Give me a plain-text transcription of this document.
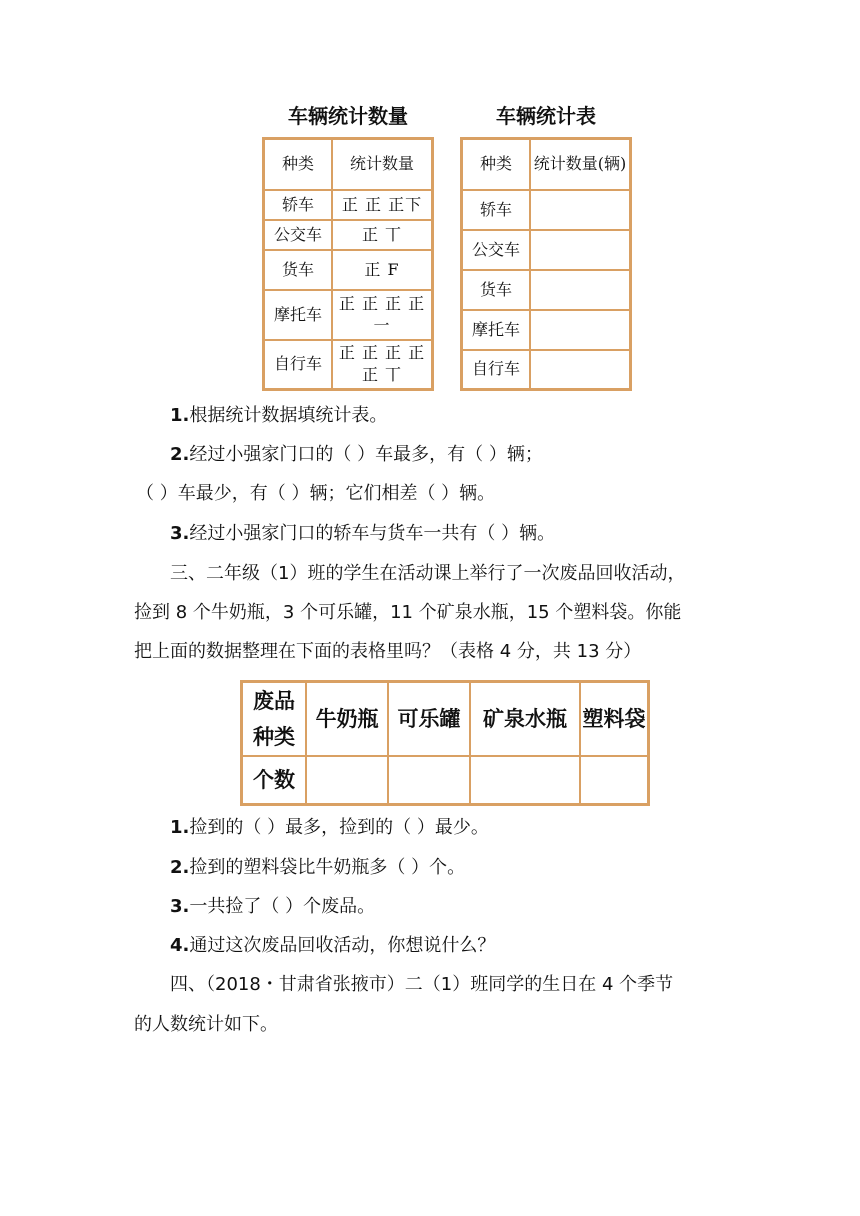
车辆统计数量
种类	统计数量
轿车	正 正 正下
公交车	正 丅
货车	正 F
摩托车	正 正 正 正 一
自行车	正 正 正 正 正 丅
车辆统计表
种类	统计数量(辆)
轿车	
公交车	
货车	
摩托车	
自行车	
1.根据统计数据填统计表。
2.经过小强家门口的（ ）车最多，有（ ）辆；
（ ）车最少，有（ ）辆；它们相差（ ）辆。
3.经过小强家门口的轿车与货车一共有（ ）辆。
三、二年级（1）班的学生在活动课上举行了一次废品回收活动，
捡到 8 个牛奶瓶，3 个可乐罐，11 个矿泉水瓶，15 个塑料袋。你能
把上面的数据整理在下面的表格里吗？（表格 4 分，共 13 分）
废品种类	牛奶瓶	可乐罐	矿泉水瓶	塑料袋
个数				
1.捡到的（ ）最多，捡到的（ ）最少。
2.捡到的塑料袋比牛奶瓶多（ ）个。
3.一共捡了（ ）个废品。
4.通过这次废品回收活动，你想说什么？
四、（2018・甘肃省张掖市）二（1）班同学的生日在 4 个季节
的人数统计如下。
